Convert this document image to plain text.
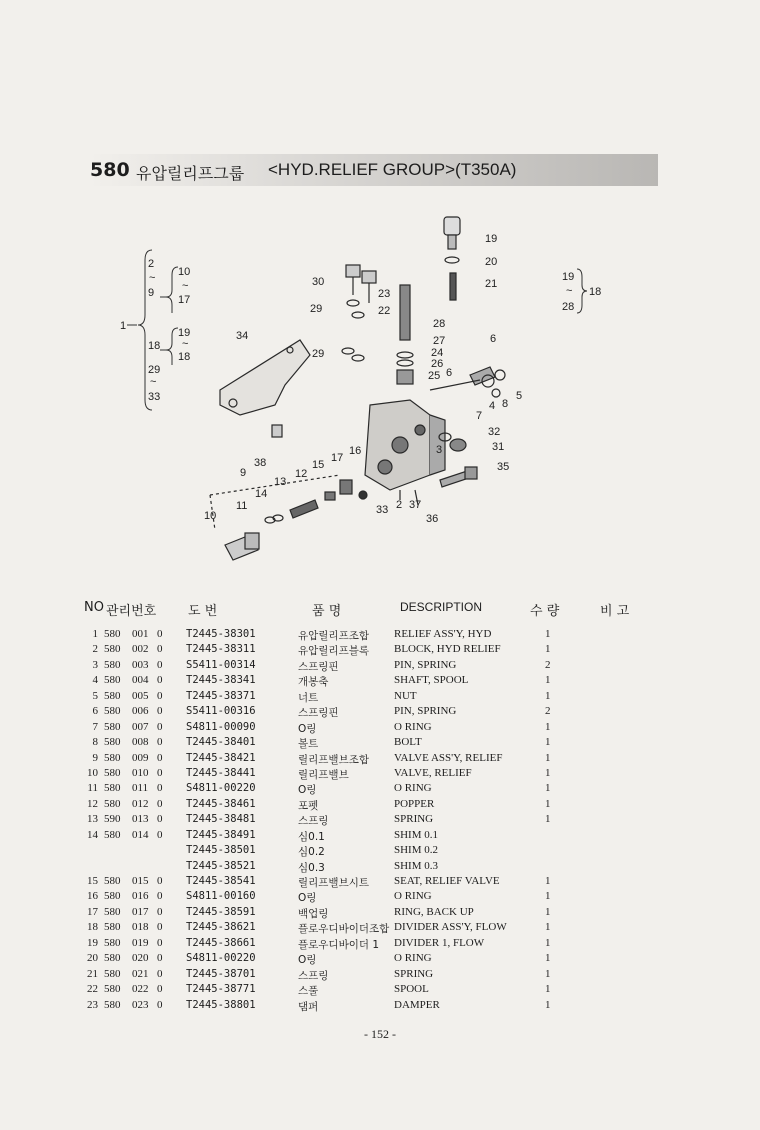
580 유압릴리프그룹 <HYD.RELIEF GROUP>(T350A)
1
2
~
9
10
~
17
18
19
~
18
29
~
33
19
~
28
18
19
20
21
30
23
29	22
28
27
24
26
25 6
34
29
6
5
4 8
7
32
31
3
38
16
17
15	35
9	12
13
14
11
10	33 2 37
36
NO 관리번호 도 번	품 명	DESCRIPTION	수 량	비 고
1 580 001 0 T2445-38301	유압릴리프조합 RELIEF ASS'Y, HYD	1
2 580 002 0 T2445-38311	유압릴리프블록 BLOCK, HYD RELIEF	1
3 580 003 0 S5411-00314	스프링핀	PIN, SPRING	2
4 580 004 0 T2445-38341	개봉축	SHAFT, SPOOL	1
5 580 005 0 T2445-38371	너트	NUT	1
6 580 006 0 S5411-00316	스프링핀	PIN, SPRING	2
7 580 007 0 S4811-00090	O링	O RING	1
8 580 008 0 T2445-38401	볼트	BOLT	1
9 580 009 0 T2445-38421	릴리프밸브조합 VALVE ASS'Y, RELIEF	1
10 580 010 0 T2445-38441	릴리프밸브	VALVE, RELIEF	1
11 580 011 0 S4811-00220	O링	O RING	1
12 580 012 0 T2445-38461	포펫	POPPER	1
13 590 013 0 T2445-38481	스프링	SPRING	1
14 580 014 0 T2445-38491	심0.1	SHIM 0.1
T2445-38501	심0.2	SHIM 0.2
T2445-38521	심0.3	SHIM 0.3
15 580 015 0 T2445-38541	릴리프밸브시트 SEAT, RELIEF VALVE	1
16 580 016 0 S4811-00160	O링	O RING	1
17 580 017 0 T2445-38591	백업링	RING, BACK UP	1
18 580 018 0 T2445-38621	플로우디바이더조합 DIVIDER ASS'Y, FLOW	1
19 580 019 0 T2445-38661	플로우디바이더 1 DIVIDER 1, FLOW	1
20 580 020 0 S4811-00220	O링	O RING	1
21 580 021 0 T2445-38701	스프링	SPRING	1
22 580 022 0 T2445-38771	스풀	SPOOL	1
23 580 023 0 T2445-38801	댐퍼	DAMPER	1
- 152 -
